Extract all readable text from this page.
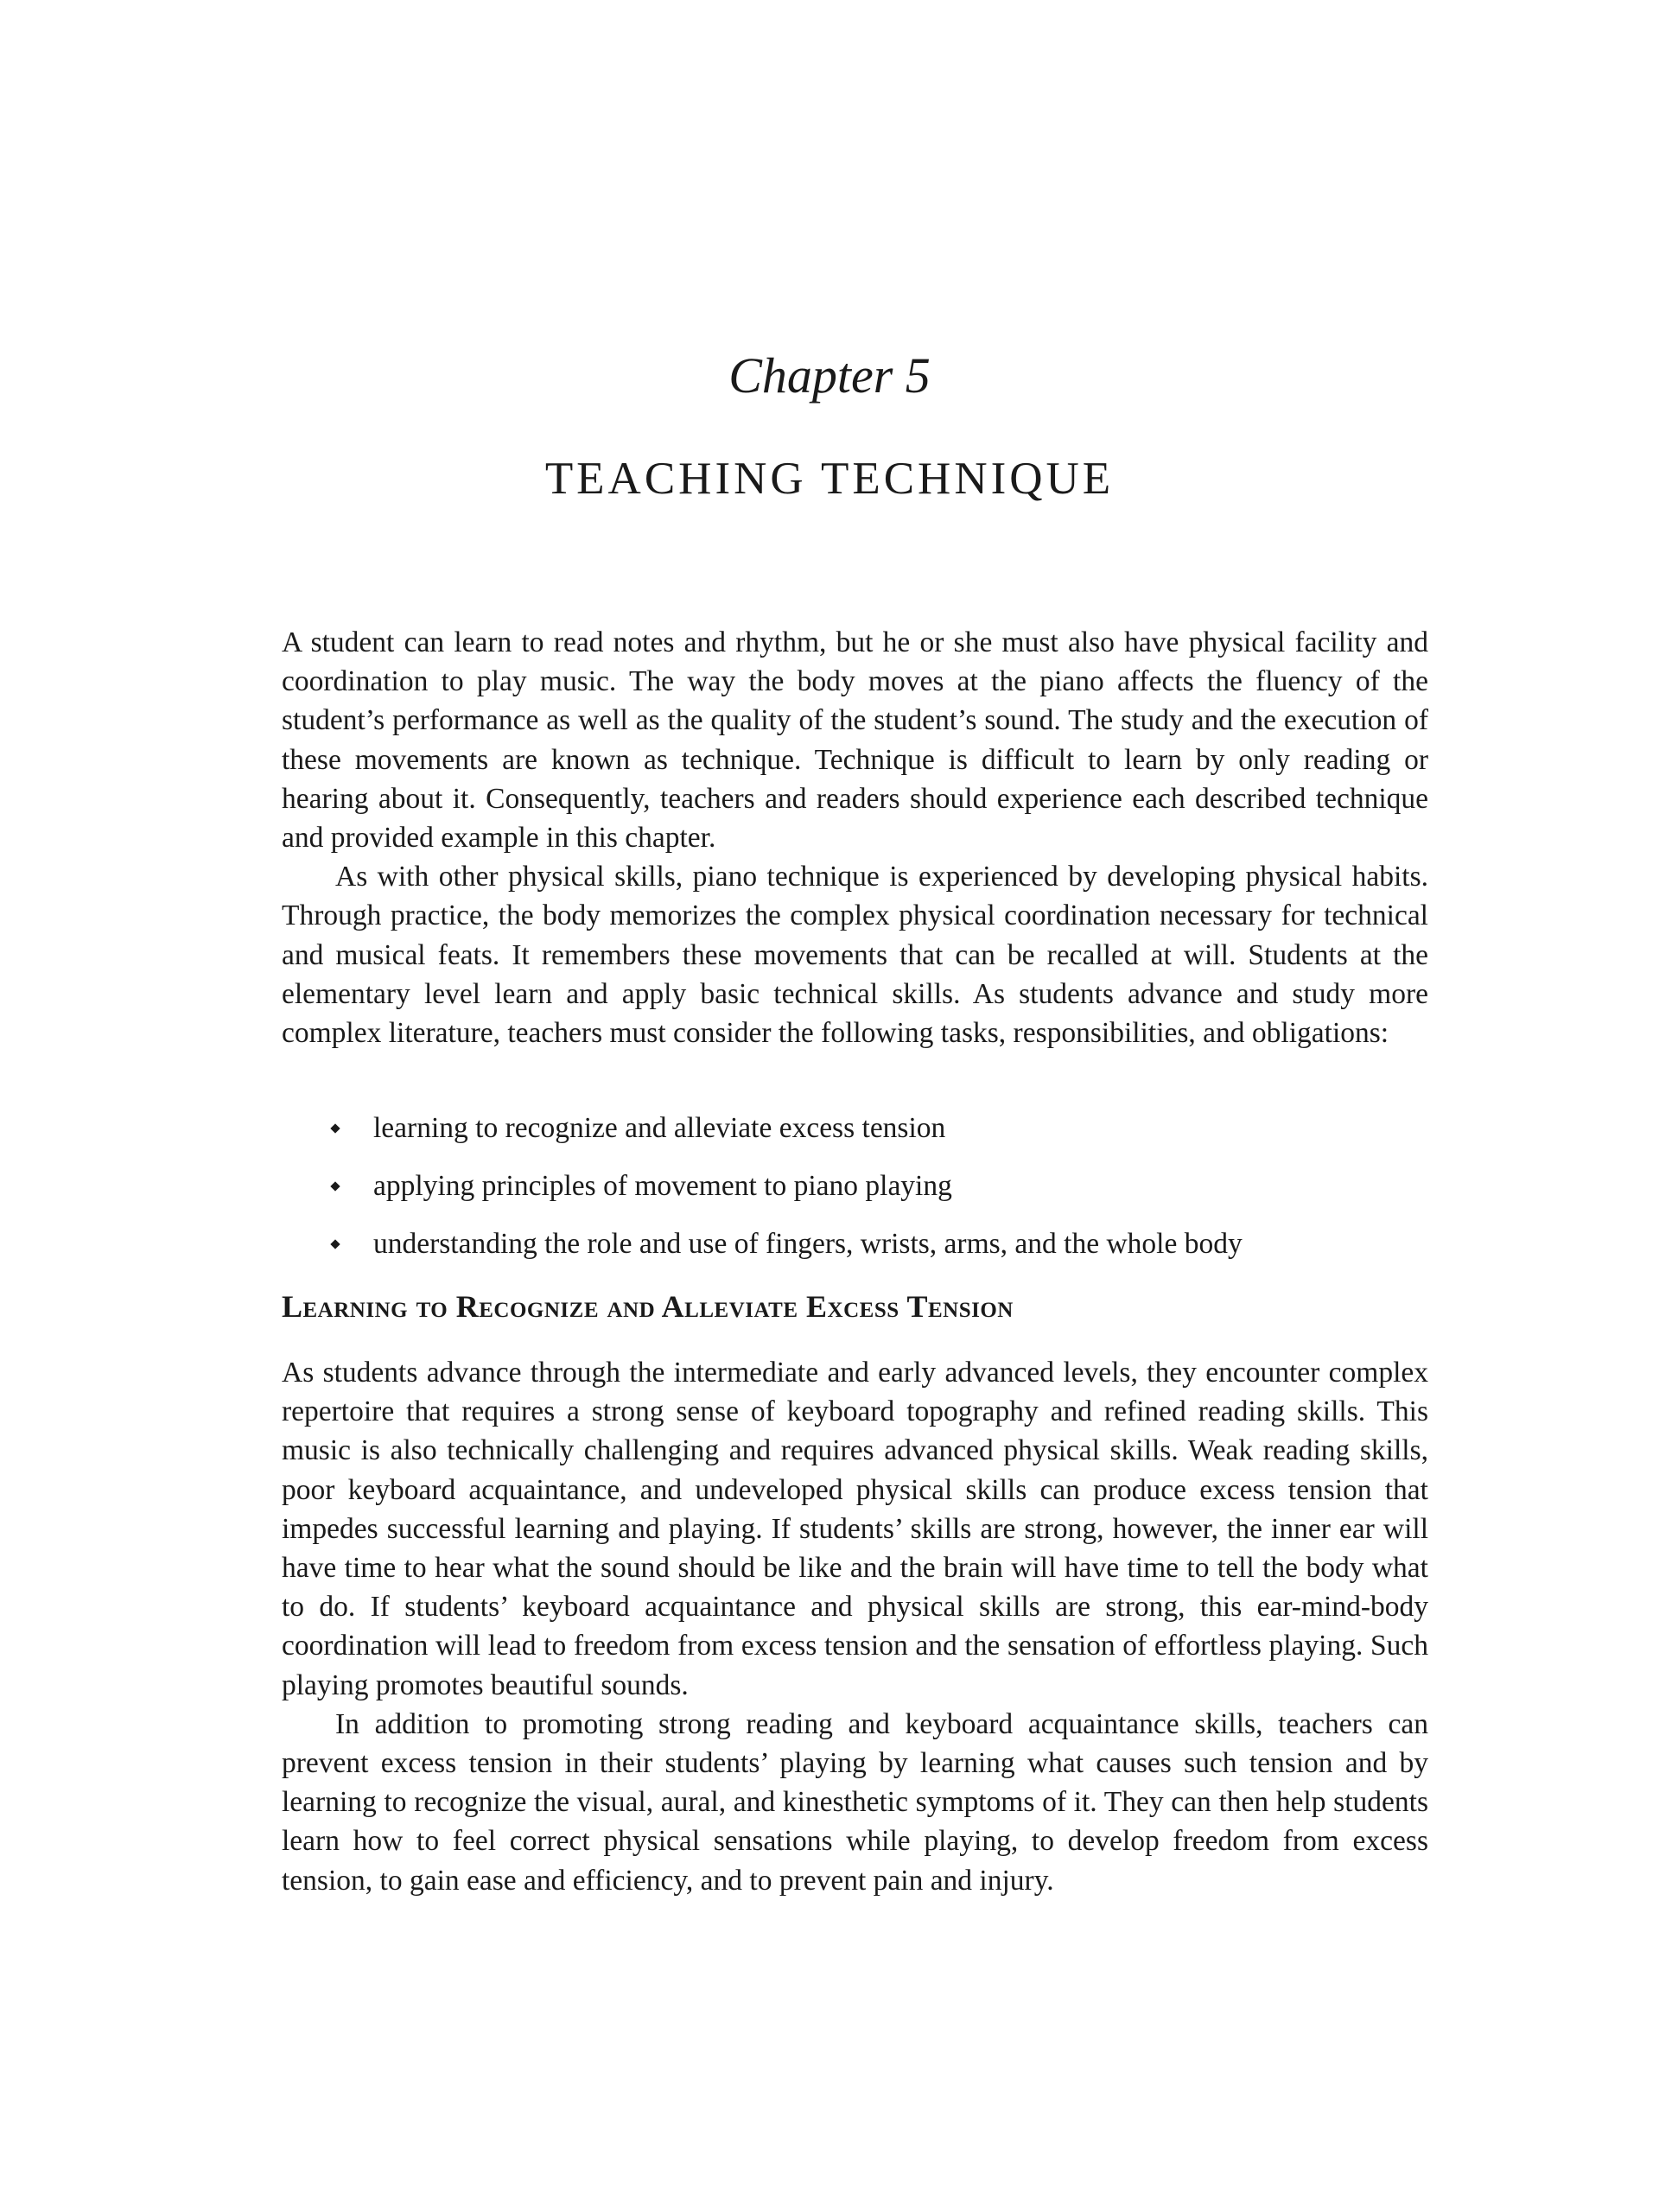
Chapter 5
TEACHING TECHNIQUE

A student can learn to read notes and rhythm, but he or she must also have physical facility and coordination to play music. The way the body moves at the piano affects the fluency of the student’s performance as well as the quality of the student’s sound. The study and the execution of these movements are known as technique. Technique is difficult to learn by only reading or hearing about it. Consequently, teachers and readers should experience each described technique and provided example in this chapter.

As with other physical skills, piano technique is experienced by developing physical habits. Through practice, the body memorizes the complex physical coordination necessary for technical and musical feats. It remembers these movements that can be recalled at will. Students at the elementary level learn and apply basic technical skills. As students advance and study more complex literature, teachers must consider the following tasks, responsibilities, and obligations:

learning to recognize and alleviate excess tension
applying principles of movement to piano playing
understanding the role and use of fingers, wrists, arms, and the whole body
Learning to Recognize and Alleviate Excess Tension

As students advance through the intermediate and early advanced levels, they encounter complex repertoire that requires a strong sense of keyboard topography and refined reading skills. This music is also technically challenging and requires advanced physical skills. Weak reading skills, poor keyboard acquaintance, and undeveloped physical skills can produce excess tension that impedes successful learning and playing. If students’ skills are strong, however, the inner ear will have time to hear what the sound should be like and the brain will have time to tell the body what to do. If students’ keyboard acquaintance and physical skills are strong, this ear-mind-body coordination will lead to freedom from excess tension and the sensation of effortless playing. Such playing promotes beautiful sounds.

In addition to promoting strong reading and keyboard acquaintance skills, teachers can prevent excess tension in their students’ playing by learning what causes such tension and by learning to recognize the visual, aural, and kinesthetic symptoms of it. They can then help students learn how to feel correct physical sensations while playing, to develop freedom from excess tension, to gain ease and efficiency, and to prevent pain and injury.
